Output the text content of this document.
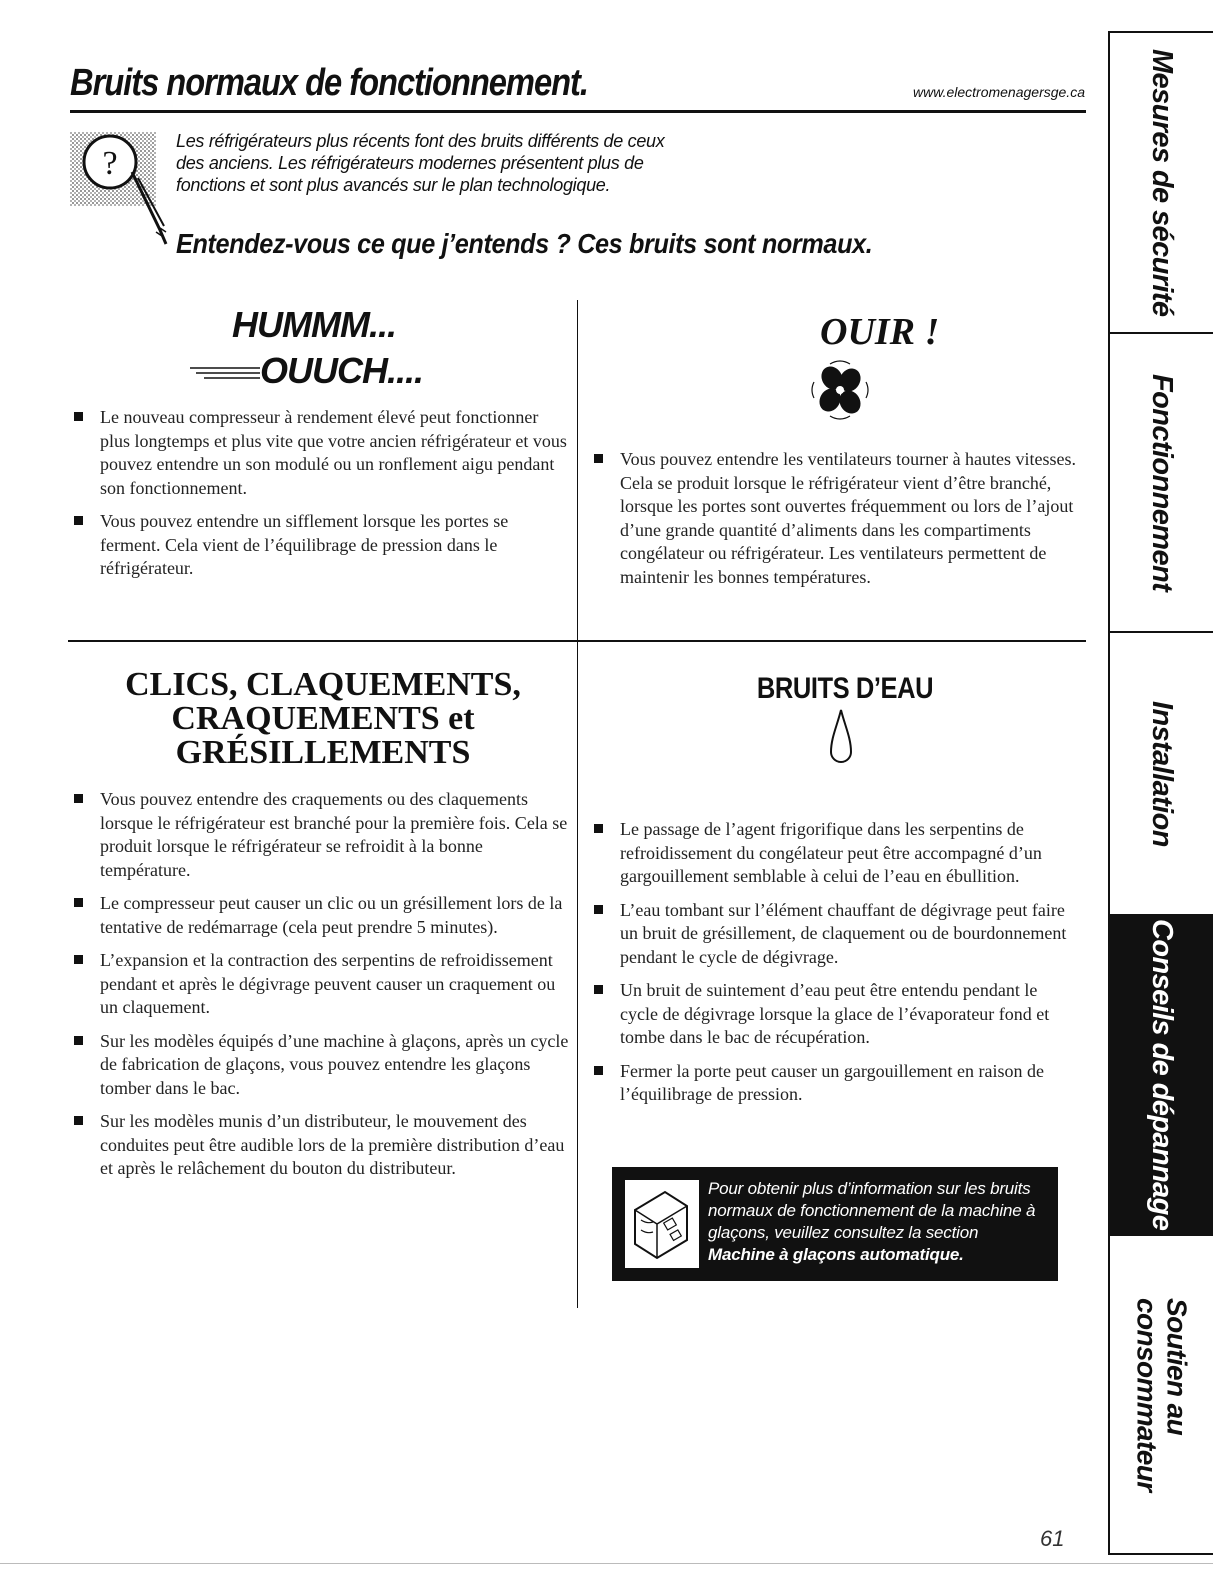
Bruits normaux de fonctionnement.	www.electromenagersge.ca
?
Les réfrigérateurs plus récents font des bruits différents de ceux
des anciens. Les réfrigérateurs modernes présentent plus de
fonctions et sont plus avancés sur le plan technologique.
Entendez-vous ce que j’entends ? Ces bruits sont normaux.
HUMMM...
OUUCH....
Le nouveau compresseur à rendement élevé peut fonctionner plus longtemps et plus vite que votre ancien réfrigérateur et vous pouvez entendre un son modulé ou un ronflement aigu pendant son fonctionnement.
Vous pouvez entendre un sifflement lorsque les portes se ferment. Cela vient de l’équilibrage de pression dans le réfrigérateur.
OUIR !
Vous pouvez entendre les ventilateurs tourner à hautes vitesses. Cela se produit lorsque le réfrigérateur vient d’être branché, lorsque les portes sont ouvertes fréquemment ou lors de l’ajout d’une grande quantité d’aliments dans les compartiments congélateur ou réfrigérateur. Les ventilateurs permettent de maintenir les bonnes températures.
CLICS, CLAQUEMENTS,
CRAQUEMENTS et
GRÉSILLEMENTS
Vous pouvez entendre des craquements ou des claquements lorsque le réfrigérateur est branché pour la première fois. Cela se produit lorsque le réfrigérateur se refroidit à la bonne température.
Le compresseur peut causer un clic ou un grésillement lors de la tentative de redémarrage (cela peut prendre 5 minutes).
L’expansion et la contraction des serpentins de refroidissement pendant et après le dégivrage peuvent causer un craquement ou un claquement.
Sur les modèles équipés d’une machine à glaçons, après un cycle de fabrication de glaçons, vous pouvez entendre les glaçons tomber dans le bac.
Sur les modèles munis d’un distributeur, le mouvement des conduites peut être audible lors de la première distribution d’eau et après le relâchement du bouton du distributeur.
BRUITS D’EAU
Le passage de l’agent frigorifique dans les serpentins de refroidissement du congélateur peut être accompagné d’un gargouillement semblable à celui de l’eau en ébullition.
L’eau tombant sur l’élément chauffant de dégivrage peut faire un bruit de grésillement, de claquement ou de bourdonnement pendant le cycle de dégivrage.
Un bruit de suintement d’eau peut être entendu pendant le cycle de dégivrage lorsque la glace de l’évaporateur fond et tombe dans le bac de récupération.
Fermer la porte peut causer un gargouillement en raison de l’équilibrage de pression.
Pour obtenir plus d’information sur les bruits normaux de fonctionnement de la machine à glaçons, veuillez consultez la section Machine à glaçons automatique.
Mesures de sécurité
Fonctionnement
Installation
Conseils de dépannage
Soutien au
consommateur
61
